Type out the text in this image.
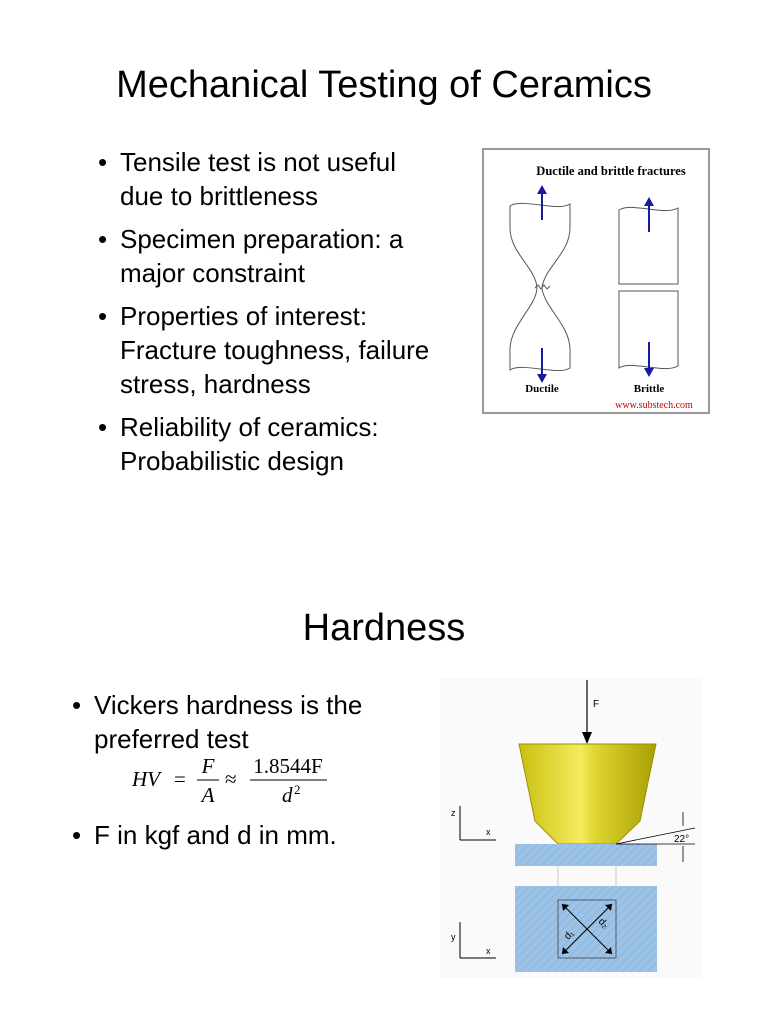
Mechanical Testing of Ceramics
• Tensile test is not useful
due to brittleness
• Specimen preparation: a
major constraint
• Properties of interest:
Fracture toughness, failure
stress, hardness
• Reliability of ceramics:
Probabilistic design
Ductile and brittle fractures
Ductile	Brittle
www.substech.com
Hardness
• Vickers hardness is the
preferred test
• F in kgf and d in mm.
HV =
F
A
≈
1.8544F
d 2
F
22°
z
x
d₁
d₂
y
x
